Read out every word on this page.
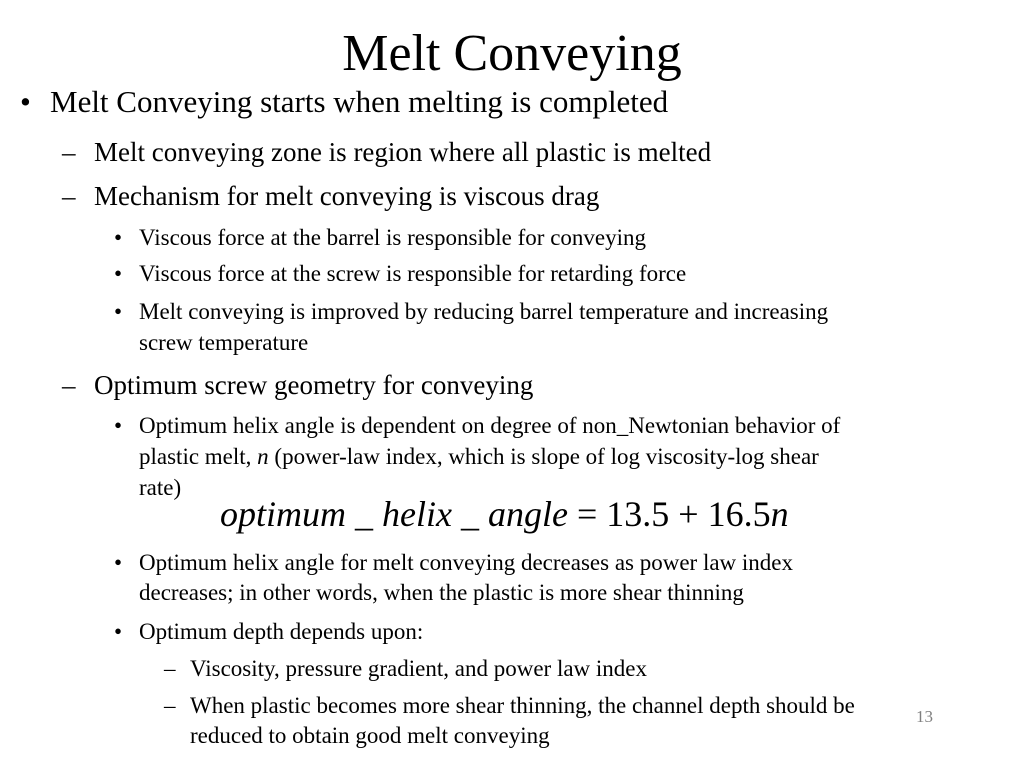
Melt Conveying
• Melt Conveying starts when melting is completed
– Melt conveying zone is region where all plastic is melted
– Mechanism for melt conveying is viscous drag
• Viscous force at the barrel is responsible for conveying
• Viscous force at the screw is responsible for retarding force
• Melt conveying is improved by reducing barrel temperature and increasing
screw temperature
– Optimum screw geometry for conveying
• Optimum helix angle is dependent on degree of non_Newtonian behavior of
plastic melt, n (power-law index, which is slope of log viscosity-log shear
rate)
optimum _ helix _ angle = 13.5 + 16.5n
• Optimum helix angle for melt conveying decreases as power law index
decreases; in other words, when the plastic is more shear thinning
• Optimum depth depends upon:
– Viscosity, pressure gradient, and power law index
– When plastic becomes more shear thinning, the channel depth should be
reduced to obtain good melt conveying
13
